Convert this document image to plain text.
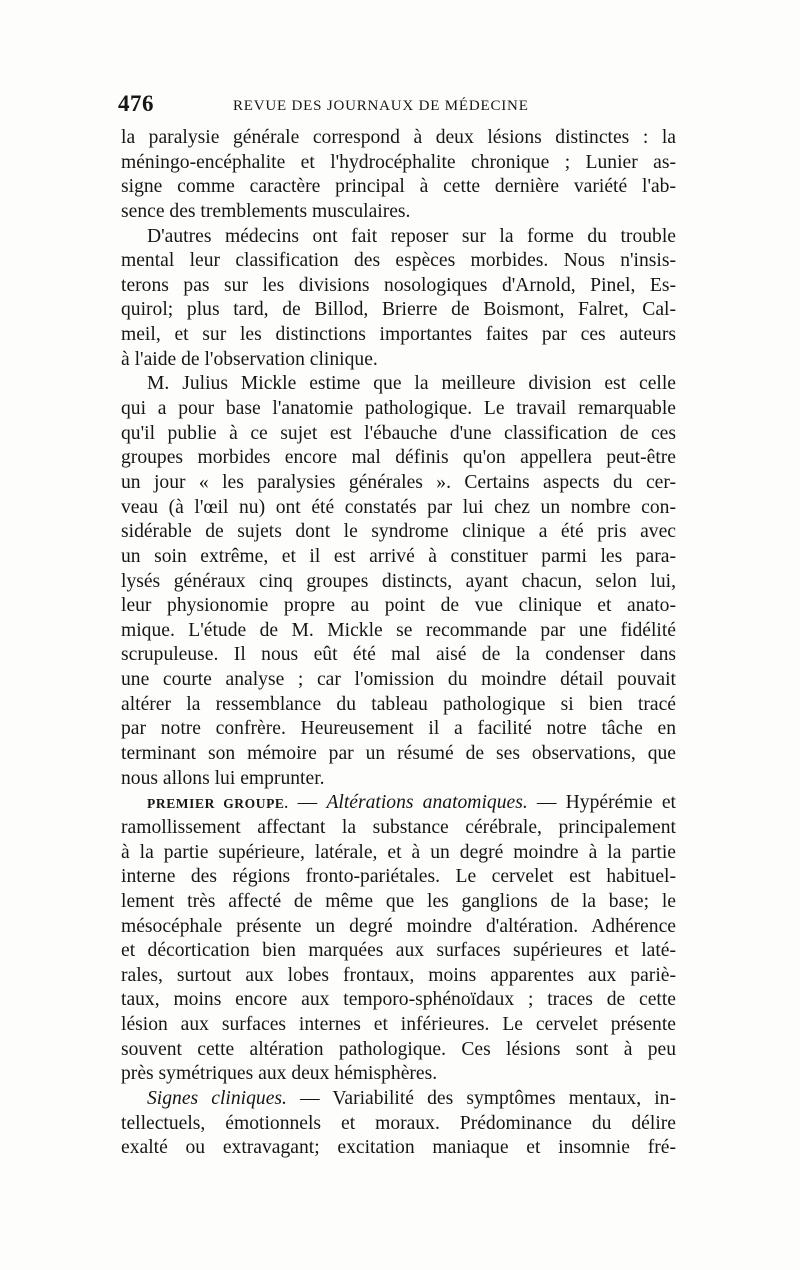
476	REVUE DES JOURNAUX DE MÉDECINE
la paralysie générale correspond à deux lésions distinctes : la
méningo-encéphalite et l'hydrocéphalite chronique ; Lunier as-
signe comme caractère principal à cette dernière variété l'ab-
sence des tremblements musculaires.
D'autres médecins ont fait reposer sur la forme du trouble
mental leur classification des espèces morbides. Nous n'insis-
terons pas sur les divisions nosologiques d'Arnold, Pinel, Es-
quirol; plus tard, de Billod, Brierre de Boismont, Falret, Cal-
meil, et sur les distinctions importantes faites par ces auteurs
à l'aide de l'observation clinique.
M. Julius Mickle estime que la meilleure division est celle
qui a pour base l'anatomie pathologique. Le travail remarquable
qu'il publie à ce sujet est l'ébauche d'une classification de ces
groupes morbides encore mal définis qu'on appellera peut-être
un jour « les paralysies générales ». Certains aspects du cer-
veau (à l'œil nu) ont été constatés par lui chez un nombre con-
sidérable de sujets dont le syndrome clinique a été pris avec
un soin extrême, et il est arrivé à constituer parmi les para-
lysés généraux cinq groupes distincts, ayant chacun, selon lui,
leur physionomie propre au point de vue clinique et anato-
mique. L'étude de M. Mickle se recommande par une fidélité
scrupuleuse. Il nous eût été mal aisé de la condenser dans
une courte analyse ; car l'omission du moindre détail pouvait
altérer la ressemblance du tableau pathologique si bien tracé
par notre confrère. Heureusement il a facilité notre tâche en
terminant son mémoire par un résumé de ses observations, que
nous allons lui emprunter.
PREMIER GROUPE. — Altérations anatomiques. — Hypérémie et
ramollissement affectant la substance cérébrale, principalement
à la partie supérieure, latérale, et à un degré moindre à la partie
interne des régions fronto-pariétales. Le cervelet est habituel-
lement très affecté de même que les ganglions de la base; le
mésocéphale présente un degré moindre d'altération. Adhérence
et décortication bien marquées aux surfaces supérieures et laté-
rales, surtout aux lobes frontaux, moins apparentes aux pariè-
taux, moins encore aux temporo-sphénoïdaux ; traces de cette
lésion aux surfaces internes et inférieures. Le cervelet présente
souvent cette altération pathologique. Ces lésions sont à peu
près symétriques aux deux hémisphères.
Signes cliniques. — Variabilité des symptômes mentaux, in-
tellectuels, émotionnels et moraux. Prédominance du délire
exalté ou extravagant; excitation maniaque et insomnie fré-
